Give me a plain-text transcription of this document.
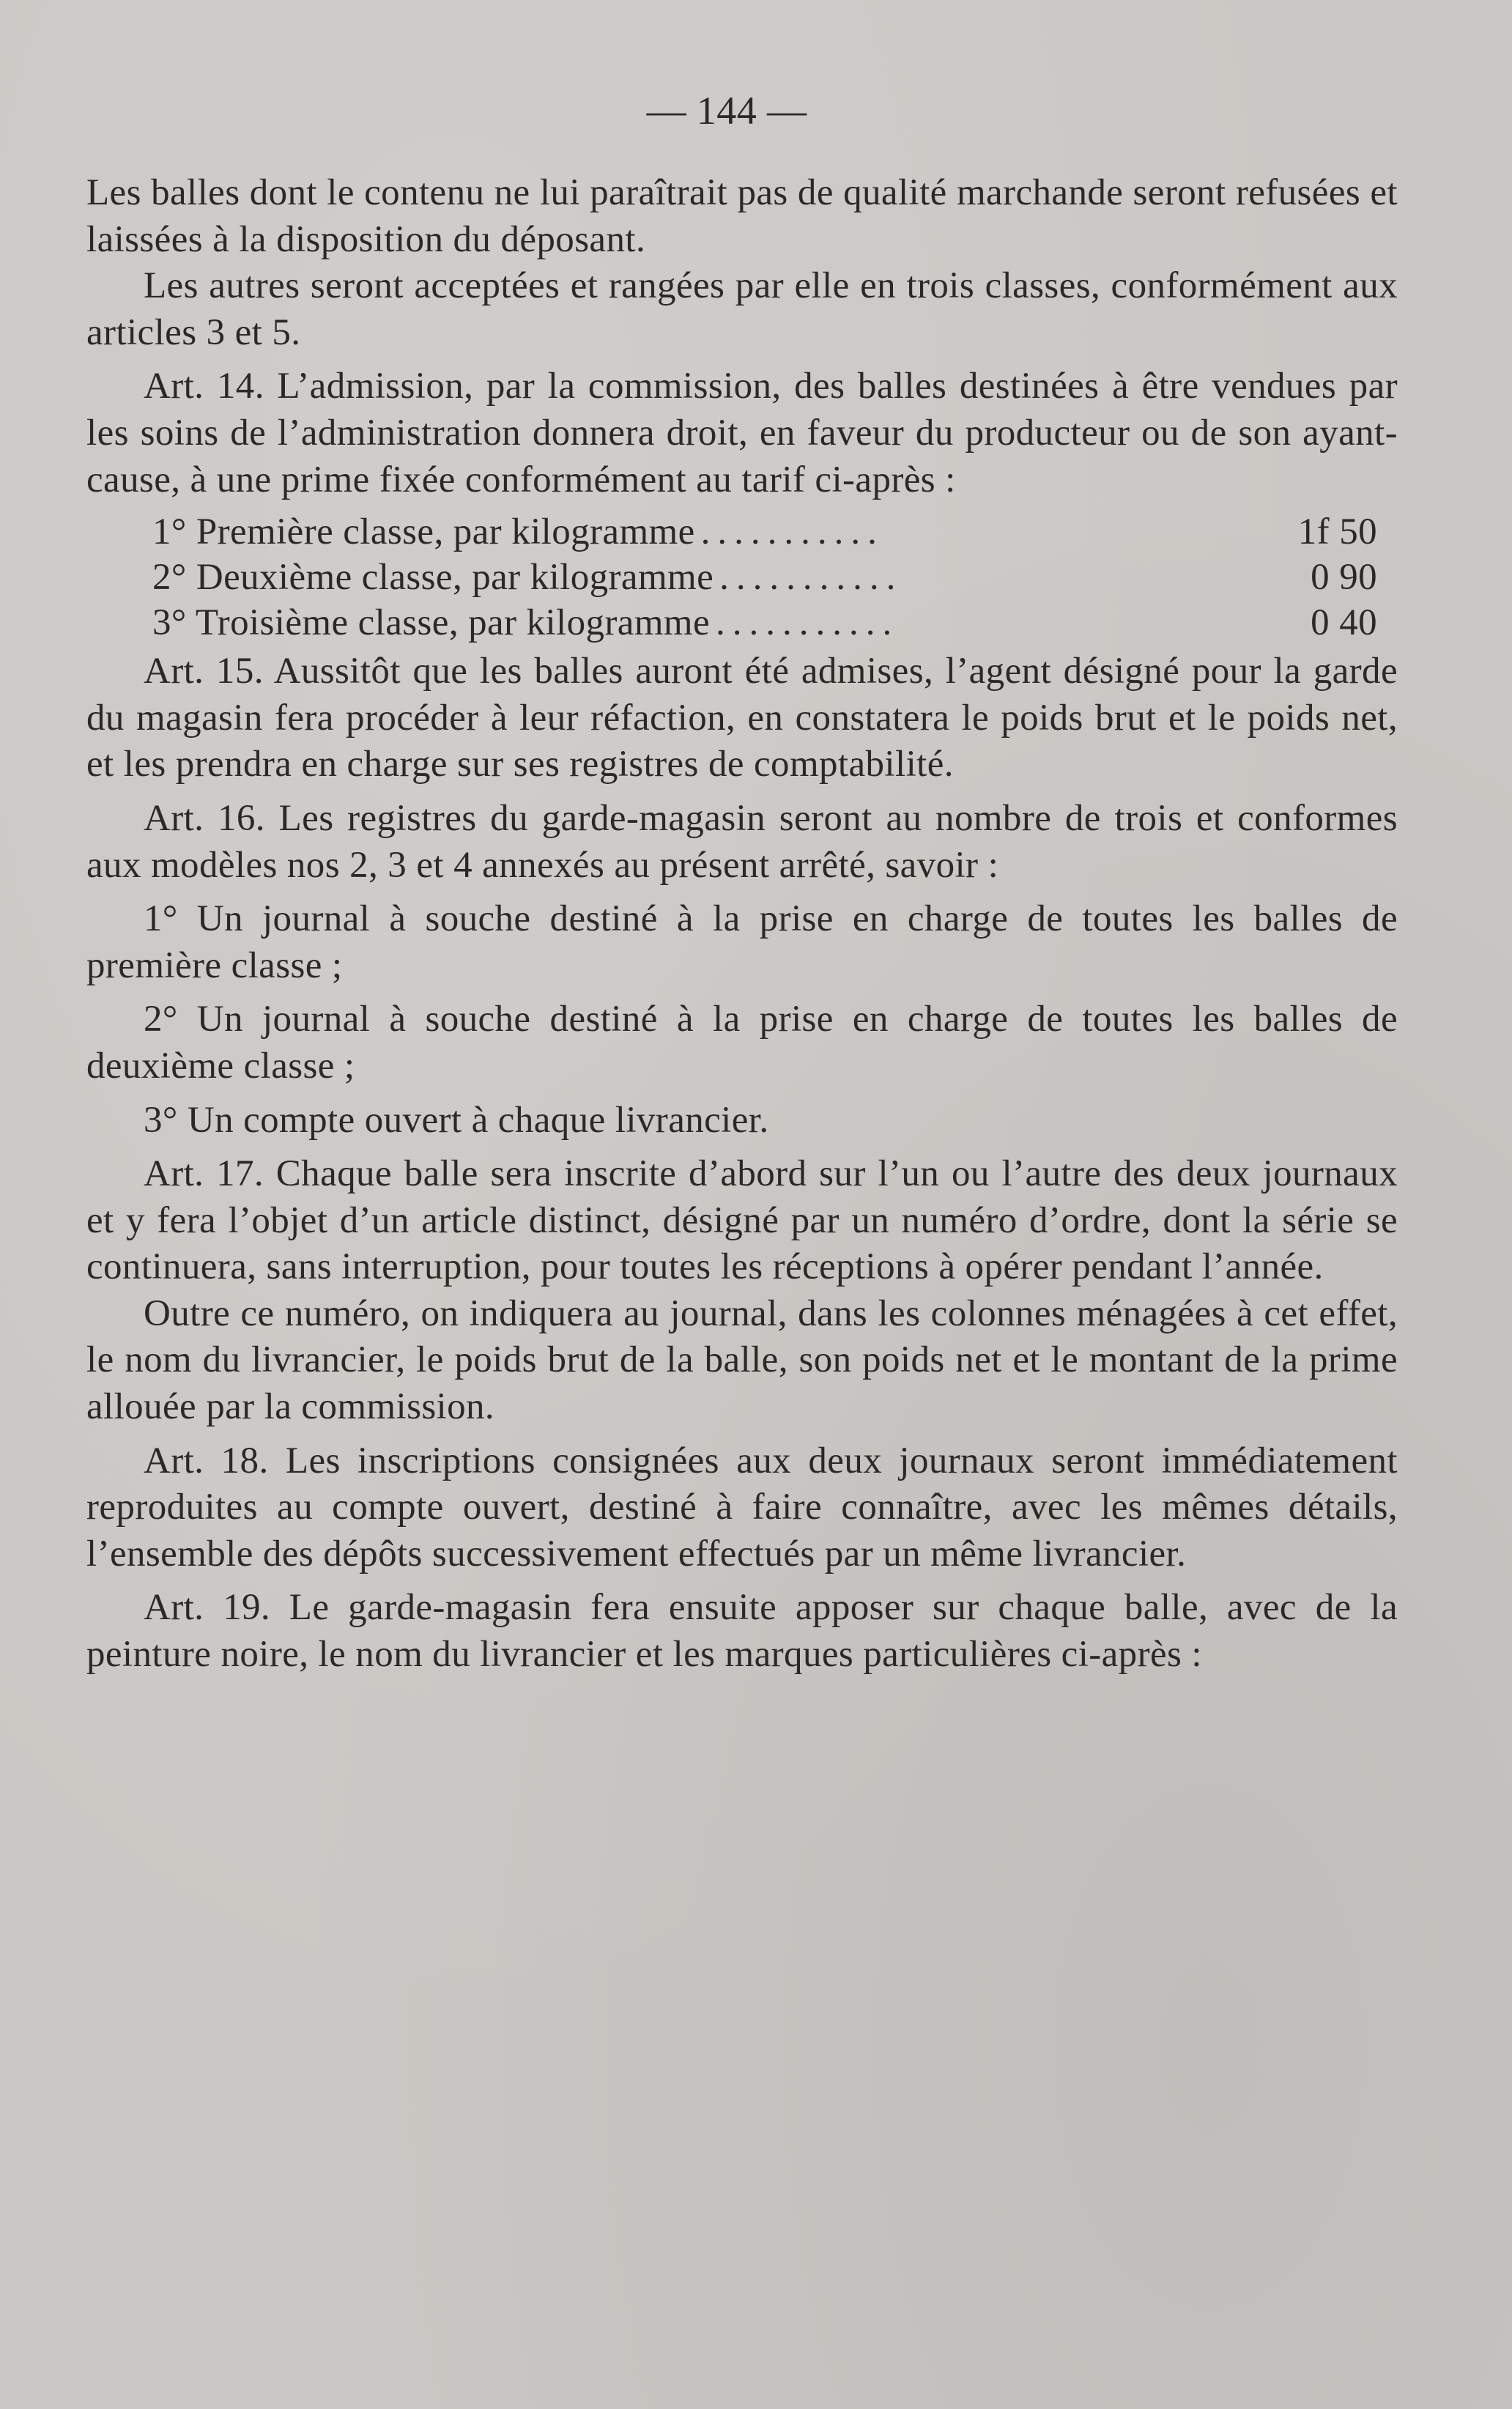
— 144 —

Les balles dont le contenu ne lui paraîtrait pas de qualité marchande seront refusées et laissées à la disposition du déposant.

Les autres seront acceptées et rangées par elle en trois classes, conformément aux articles 3 et 5.

Art. 14. L’admission, par la commission, des balles destinées à être vendues par les soins de l’administration donnera droit, en faveur du producteur ou de son ayant-cause, à une prime fixée conformément au tarif ci-après :

1° Première classe, par kilogramme ...........	1f 50
2° Deuxième classe, par kilogramme ...........	0 90
3° Troisième classe, par kilogramme ...........	0 40

Art. 15. Aussitôt que les balles auront été admises, l’agent désigné pour la garde du magasin fera procéder à leur réfaction, en constatera le poids brut et le poids net, et les prendra en charge sur ses registres de comptabilité.

Art. 16. Les registres du garde-magasin seront au nombre de trois et conformes aux modèles nos 2, 3 et 4 annexés au présent arrêté, savoir :

1° Un journal à souche destiné à la prise en charge de toutes les balles de première classe ;

2° Un journal à souche destiné à la prise en charge de toutes les balles de deuxième classe ;

3° Un compte ouvert à chaque livrancier.

Art. 17. Chaque balle sera inscrite d’abord sur l’un ou l’autre des deux journaux et y fera l’objet d’un article distinct, désigné par un numéro d’ordre, dont la série se continuera, sans interruption, pour toutes les réceptions à opérer pendant l’année.

Outre ce numéro, on indiquera au journal, dans les colonnes ménagées à cet effet, le nom du livrancier, le poids brut de la balle, son poids net et le montant de la prime allouée par la commission.

Art. 18. Les inscriptions consignées aux deux journaux seront immédiatement reproduites au compte ouvert, destiné à faire connaître, avec les mêmes détails, l’ensemble des dépôts successivement effectués par un même livrancier.

Art. 19. Le garde-magasin fera ensuite apposer sur chaque balle, avec de la peinture noire, le nom du livrancier et les marques particulières ci-après :
